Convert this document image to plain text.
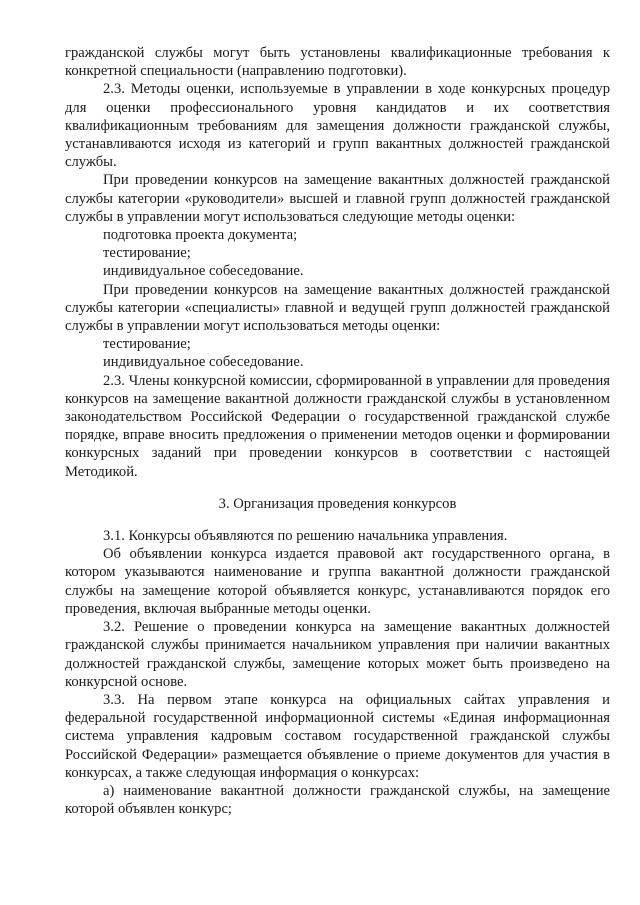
гражданской службы могут быть установлены квалификационные требования к конкретной специальности (направлению подготовки).

2.3. Методы оценки, используемые в управлении в ходе конкурсных процедур для оценки профессионального уровня кандидатов и их соответствия квалификационным требованиям для замещения должности гражданской службы, устанавливаются исходя из категорий и групп вакантных должностей гражданской службы.

При проведении конкурсов на замещение вакантных должностей гражданской службы категории «руководители» высшей и главной групп должностей гражданской службы в управлении могут использоваться следующие методы оценки:

подготовка проекта документа;

тестирование;

индивидуальное собеседование.

При проведении конкурсов на замещение вакантных должностей гражданской службы категории «специалисты» главной и ведущей групп должностей гражданской службы в управлении могут использоваться методы оценки:

тестирование;

индивидуальное собеседование.

2.3. Члены конкурсной комиссии, сформированной в управлении для проведения конкурсов на замещение вакантной должности гражданской службы в установленном законодательством Российской Федерации о государственной гражданской службе порядке, вправе вносить предложения о применении методов оценки и формировании конкурсных заданий при проведении конкурсов в соответствии с настоящей Методикой.

3. Организация проведения конкурсов

3.1. Конкурсы объявляются по решению начальника управления.

Об объявлении конкурса издается правовой акт государственного органа, в котором указываются наименование и группа вакантной должности гражданской службы на замещение которой объявляется конкурс, устанавливаются порядок его проведения, включая выбранные методы оценки.

3.2. Решение о проведении конкурса на замещение вакантных должностей гражданской службы принимается начальником управления при наличии вакантных должностей гражданской службы, замещение которых может быть произведено на конкурсной основе.

3.3. На первом этапе конкурса на официальных сайтах управления и федеральной государственной информационной системы «Единая информационная система управления кадровым составом государственной гражданской службы Российской Федерации» размещается объявление о приеме документов для участия в конкурсах, а также следующая информация о конкурсах:

а) наименование вакантной должности гражданской службы, на замещение которой объявлен конкурс;
